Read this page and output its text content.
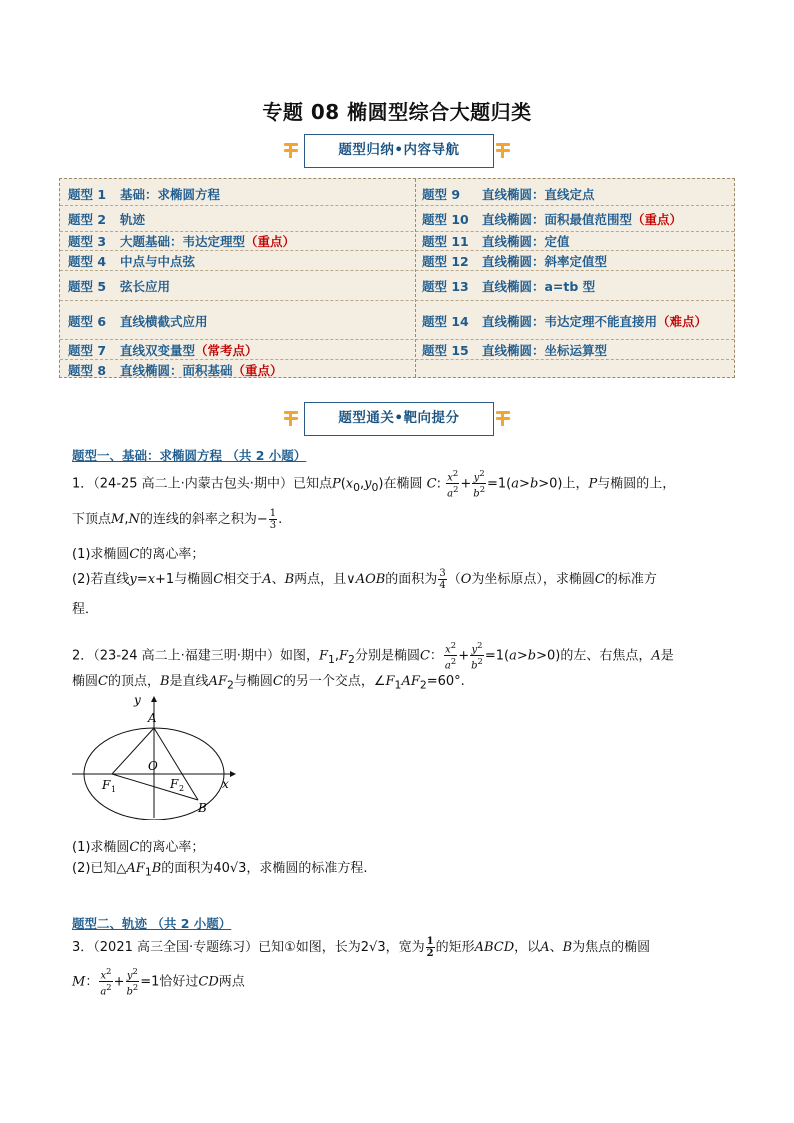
专题 08 椭圆型综合大题归类
题型归纳•内容导航
题型 1 基础：求椭圆方程
题型 2 轨迹
题型 3 大题基础：韦达定理型（重点）
题型 4 中点与中点弦
题型 5 弦长应用
题型 6 直线横截式应用
题型 7 直线双变量型（常考点）
题型 8 直线椭圆：面积基础（重点）
题型 9 直线椭圆：直线定点
题型 10 直线椭圆：面积最值范围型（重点）
题型 11 直线椭圆：定值
题型 12 直线椭圆：斜率定值型
题型 13 直线椭圆：a=tb 型
题型 14 直线椭圆：韦达定理不能直接用（难点）
题型 15 直线椭圆：坐标运算型
题型通关•靶向提分
题型一、基础：求椭圆方程 （共 2 小题）
1．（24-25 高二上·内蒙古包头·期中）已知点$P(x_0,y_0)$在椭圆 C: $\frac{x^2}{a^2} + \frac{y^2}{b^2} =1(a>b>0)$上，P与椭圆的上，
下顶点M,N的连线的斜率之积为− $\frac{1}{3}$ .
(1)求椭圆C的离心率；
(2)若直线y=x+1与椭圆C相交于A、B两点，且∨AOB的面积为 $\frac{3}{4} (O$为坐标原点），求椭圆C的标准方
程．
2．（23-24 高二上·福建三明·期中）如图，$F_1,F_2$分别是椭圆C： $\frac{x^2}{a^2} + \frac{y^2}{b^2} =1(a>b>0)$的左、右焦点，A是
椭圆C的顶点，B是直线$AF_2$与椭圆C的另一个交点，$\angle F_1AF_2=60^\circ$.
y
A
O
F 1	F 2
B
x
(1)求椭圆C的离心率；
(2)已知$\triangle AF_1B$的面积为40√3，求椭圆的标准方程.
题型二、轨迹 （共 2 小题）
3．（2021 高三全国·专题练习）已知①如图，长为2√3，宽为 $\frac{1}{2}$ 的矩形ABCD，以A、B为焦点的椭圆
M： $\frac{x^2}{a^2} + \frac{y^2}{b^2} =1$恰好过CD两点
